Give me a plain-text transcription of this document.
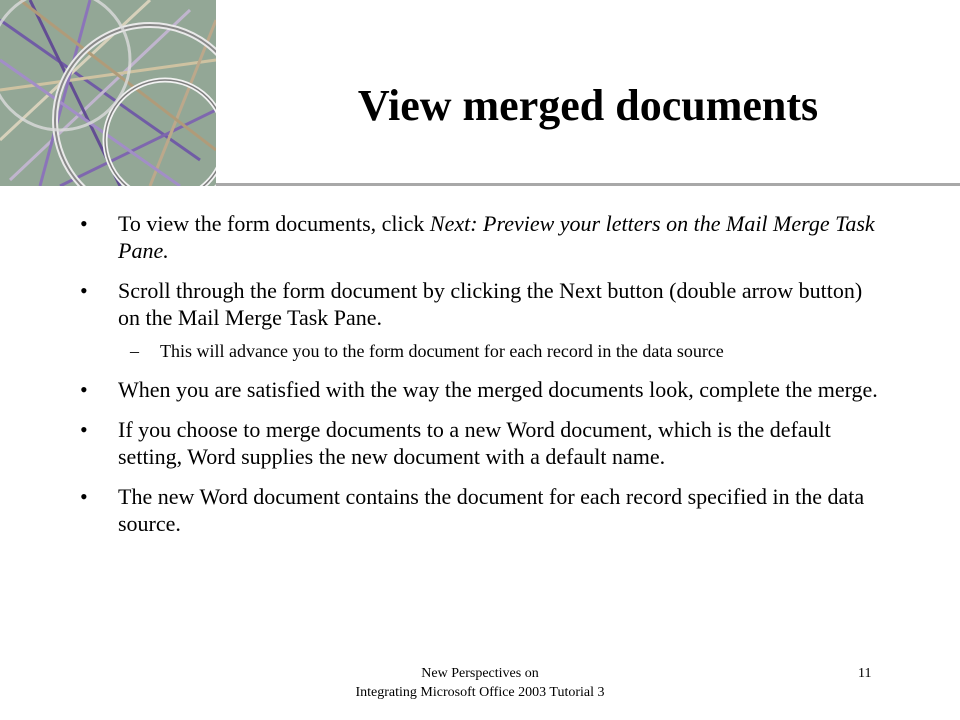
View merged documents
• To view the form documents, click Next: Preview your letters on the Mail Merge Task Pane.
• Scroll through the form document by clicking the Next button (double arrow button) on the Mail Merge Task Pane.
– This will advance you to the form document for each record in the data source
• When you are satisfied with the way the merged documents look, complete the merge.
• If you choose to merge documents to a new Word document, which is the default setting, Word supplies the new document with a default name.
• The new Word document contains the document for each record specified in the data source.
New Perspectives on
Integrating Microsoft Office 2003 Tutorial 3
11
